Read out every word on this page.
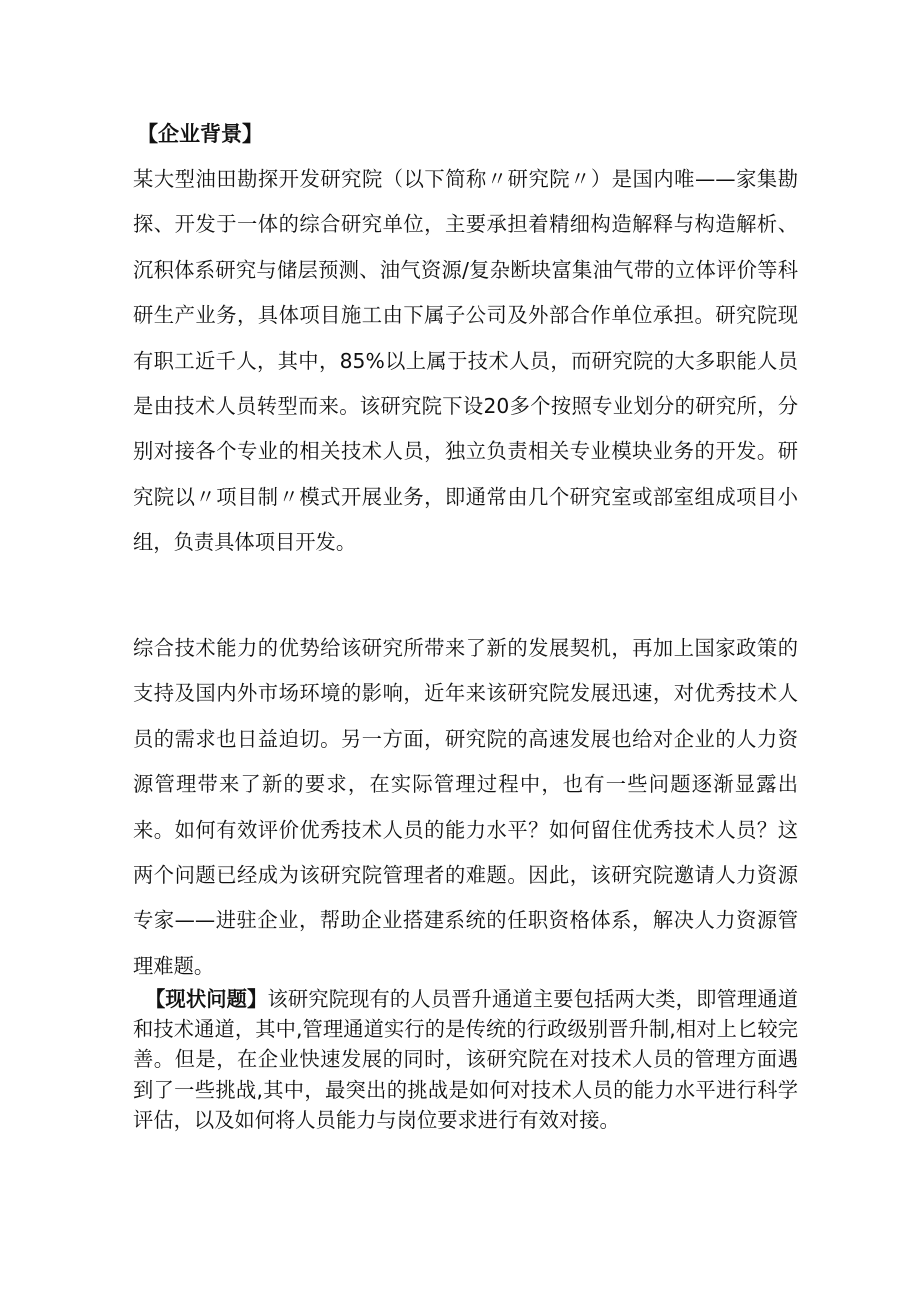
【企业背景】

某大型油田勘探开发研究院（以下简称〃研究院〃）是国内唯——家集勘探、开发于一体的综合研究单位，主要承担着精细构造解释与构造解析、沉积体系研究与储层预测、油气资源/复杂断块富集油气带的立体评价等科研生产业务，具体项目施工由下属子公司及外部合作单位承担。研究院现有职工近千人，其中，85%以上属于技术人员，而研究院的大多职能人员是由技术人员转型而来。该研究院下设20多个按照专业划分的研究所，分别对接各个专业的相关技术人员，独立负责相关专业模块业务的开发。研究院以〃项目制〃模式开展业务，即通常由几个研究室或部室组成项目小组，负责具体项目开发。

综合技术能力的优势给该研究所带来了新的发展契机，再加上国家政策的支持及国内外市场环境的影响，近年来该研究院发展迅速，对优秀技术人员的需求也日益迫切。另一方面，研究院的高速发展也给对企业的人力资源管理带来了新的要求，在实际管理过程中，也有一些问题逐渐显露出来。如何有效评价优秀技术人员的能力水平？如何留住优秀技术人员？这两个问题已经成为该研究院管理者的难题。因此，该研究院邀请人力资源专家——进驻企业，帮助企业搭建系统的任职资格体系，解决人力资源管理难题。

【现状问题】该研究院现有的人员晋升通道主要包括两大类，即管理通道和技术通道，其中,管理通道实行的是传统的行政级别晋升制,相对上匕较完善。但是，在企业快速发展的同时，该研究院在对技术人员的管理方面遇到了一些挑战,其中，最突出的挑战是如何对技术人员的能力水平进行科学评估，以及如何将人员能力与岗位要求进行有效对接。
